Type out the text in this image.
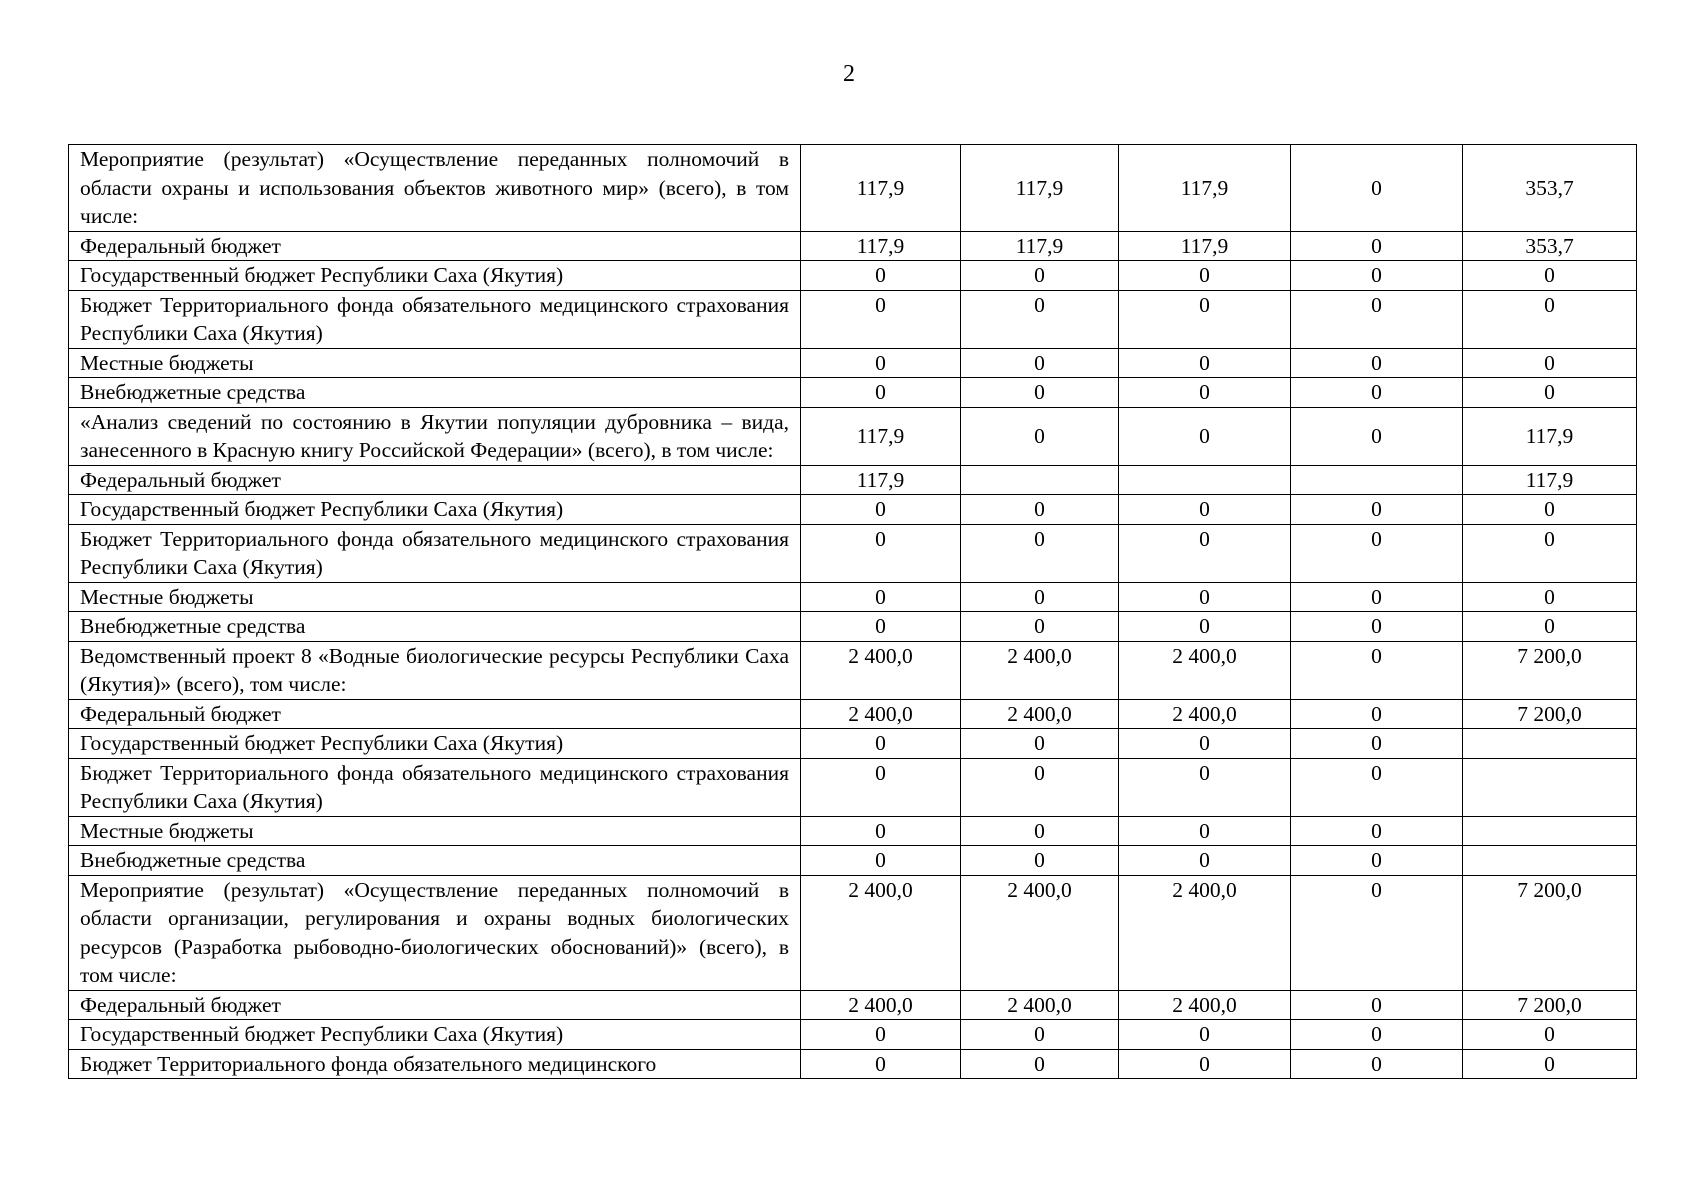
2
Мероприятие (результат) «Осуществление переданных полномочий в области охраны и использования объектов животного мир» (всего), в том числе:	117,9	117,9	117,9	0	353,7
Федеральный бюджет	117,9	117,9	117,9	0	353,7
Государственный бюджет Республики Саха (Якутия)	0	0	0	0	0
Бюджет Территориального фонда обязательного медицинского страхования Республики Саха (Якутия)	0	0	0	0	0
Местные бюджеты	0	0	0	0	0
Внебюджетные средства	0	0	0	0	0
«Анализ сведений по состоянию в Якутии популяции дубровника – вида, занесенного в Красную книгу Российской Федерации» (всего), в том числе:	117,9	0	0	0	117,9
Федеральный бюджет	117,9				117,9
Государственный бюджет Республики Саха (Якутия)	0	0	0	0	0
Бюджет Территориального фонда обязательного медицинского страхования Республики Саха (Якутия)	0	0	0	0	0
Местные бюджеты	0	0	0	0	0
Внебюджетные средства	0	0	0	0	0
Ведомственный проект 8 «Водные биологические ресурсы Республики Саха (Якутия)» (всего), том числе:	2 400,0	2 400,0	2 400,0	0	7 200,0
Федеральный бюджет	2 400,0	2 400,0	2 400,0	0	7 200,0
Государственный бюджет Республики Саха (Якутия)	0	0	0	0	
Бюджет Территориального фонда обязательного медицинского страхования Республики Саха (Якутия)	0	0	0	0	
Местные бюджеты	0	0	0	0	
Внебюджетные средства	0	0	0	0	
Мероприятие (результат) «Осуществление переданных полномочий в области организации, регулирования и охраны водных биологических ресурсов (Разработка рыбоводно-биологических обоснований)» (всего), в том числе:	2 400,0	2 400,0	2 400,0	0	7 200,0
Федеральный бюджет	2 400,0	2 400,0	2 400,0	0	7 200,0
Государственный бюджет Республики Саха (Якутия)	0	0	0	0	0
Бюджет Территориального фонда обязательного медицинского	0	0	0	0	0
